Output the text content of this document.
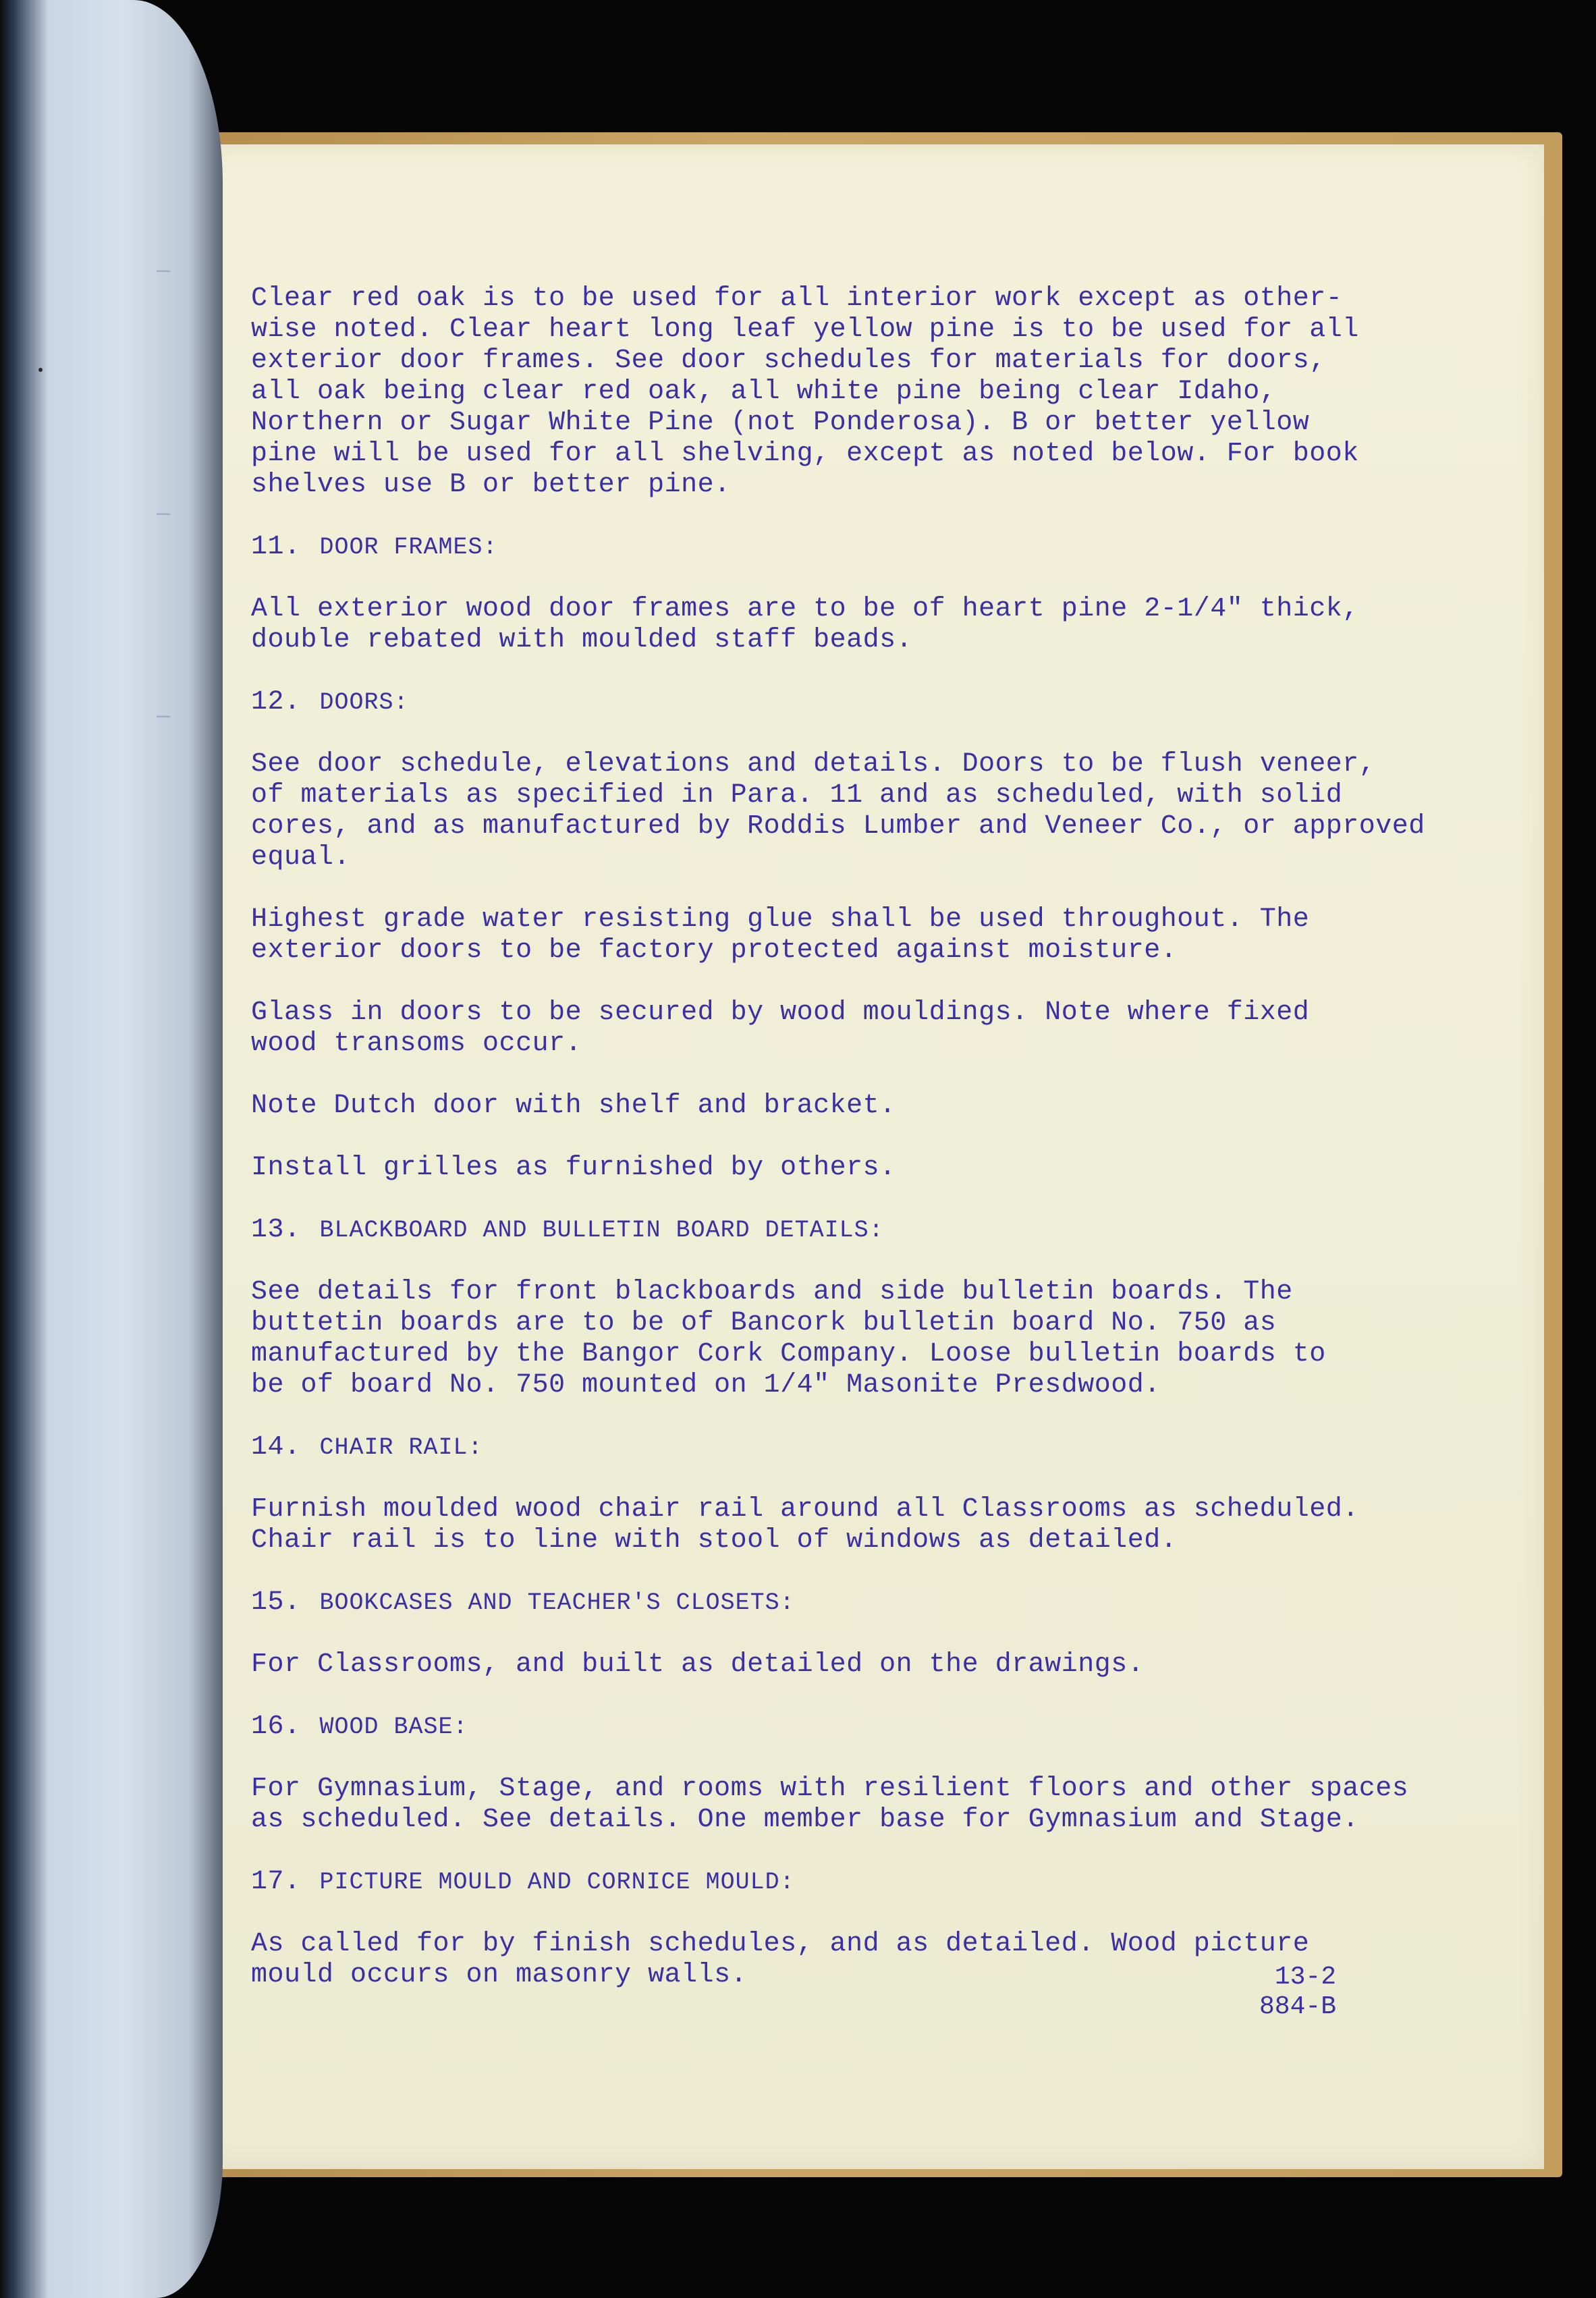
—
—
—

Clear red oak is to be used for all interior work except as other-
wise noted. Clear heart long leaf yellow pine is to be used for all
exterior door frames. See door schedules for materials for doors,
all oak being clear red oak, all white pine being clear Idaho,
Northern or Sugar White Pine (not Ponderosa). B or better yellow
pine will be used for all shelving, except as noted below. For book
shelves use B or better pine.

11. DOOR FRAMES:

All exterior wood door frames are to be of heart pine 2-1/4" thick,
double rebated with moulded staff beads.

12. DOORS:

See door schedule, elevations and details. Doors to be flush veneer,
of materials as specified in Para. 11 and as scheduled, with solid
cores, and as manufactured by Roddis Lumber and Veneer Co., or approved
equal.

Highest grade water resisting glue shall be used throughout. The
exterior doors to be factory protected against moisture.

Glass in doors to be secured by wood mouldings. Note where fixed
wood transoms occur.

Note Dutch door with shelf and bracket.

Install grilles as furnished by others.

13. BLACKBOARD AND BULLETIN BOARD DETAILS:

See details for front blackboards and side bulletin boards. The
buttetin boards are to be of Bancork bulletin board No. 750 as
manufactured by the Bangor Cork Company. Loose bulletin boards to
be of board No. 750 mounted on 1/4" Masonite Presdwood.

14. CHAIR RAIL:

Furnish moulded wood chair rail around all Classrooms as scheduled.
Chair rail is to line with stool of windows as detailed.

15. BOOKCASES AND TEACHER'S CLOSETS:

For Classrooms, and built as detailed on the drawings.

16. WOOD BASE:

For Gymnasium, Stage, and rooms with resilient floors and other spaces
as scheduled. See details. One member base for Gymnasium and Stage.

17. PICTURE MOULD AND CORNICE MOULD:

As called for by finish schedules, and as detailed. Wood picture
mould occurs on masonry walls.	13-2
884-B
